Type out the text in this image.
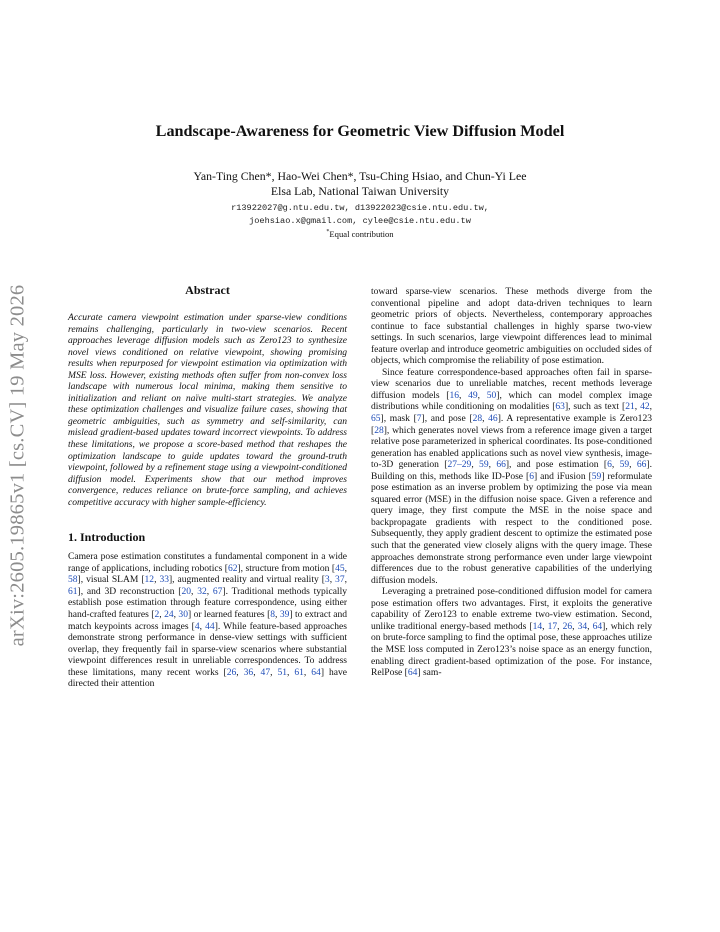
arXiv:2605.19865v1 [cs.CV] 19 May 2026
Landscape-Awareness for Geometric View Diffusion Model
Yan-Ting Chen*, Hao-Wei Chen*, Tsu-Ching Hsiao, and Chun-Yi Lee
Elsa Lab, National Taiwan University
r13922027@g.ntu.edu.tw, d13922023@csie.ntu.edu.tw,
joehsiao.x@gmail.com, cylee@csie.ntu.edu.tw
*Equal contribution
Abstract

Accurate camera viewpoint estimation under sparse-view conditions remains challenging, particularly in two-view scenarios. Recent approaches leverage diffusion models such as Zero123 to synthesize novel views conditioned on relative viewpoint, showing promising results when repurposed for viewpoint estimation via optimization with MSE loss. However, existing methods often suffer from non-convex loss landscape with numerous local minima, making them sensitive to initialization and reliant on naïve multi-start strategies. We analyze these optimization challenges and visualize failure cases, showing that geometric ambiguities, such as symmetry and self-similarity, can mislead gradient-based updates toward incorrect viewpoints. To address these limitations, we propose a score-based method that reshapes the optimization landscape to guide updates toward the ground-truth viewpoint, followed by a refinement stage using a viewpoint-conditioned diffusion model. Experiments show that our method improves convergence, reduces reliance on brute-force sampling, and achieves competitive accuracy with higher sample-efficiency.

1. Introduction

Camera pose estimation constitutes a fundamental component in a wide range of applications, including robotics [62], structure from motion [45, 58], visual SLAM [12, 33], augmented reality and virtual reality [3, 37, 61], and 3D reconstruction [20, 32, 67]. Traditional methods typically establish pose estimation through feature correspondence, using either hand-crafted features [2, 24, 30] or learned features [8, 39] to extract and match keypoints across images [4, 44]. While feature-based approaches demonstrate strong performance in dense-view settings with sufficient overlap, they frequently fail in sparse-view scenarios where substantial viewpoint differences result in unreliable correspondences. To address these limitations, many recent works [26, 36, 47, 51, 61, 64] have directed their attention

toward sparse-view scenarios. These methods diverge from the conventional pipeline and adopt data-driven techniques to learn geometric priors of objects. Nevertheless, contemporary approaches continue to face substantial challenges in highly sparse two-view settings. In such scenarios, large viewpoint differences lead to minimal feature overlap and introduce geometric ambiguities on occluded sides of objects, which compromise the reliability of pose estimation.

Since feature correspondence-based approaches often fail in sparse-view scenarios due to unreliable matches, recent methods leverage diffusion models [16, 49, 50], which can model complex image distributions while conditioning on modalities [63], such as text [21, 42, 65], mask [7], and pose [28, 46]. A representative example is Zero123 [28], which generates novel views from a reference image given a target relative pose parameterized in spherical coordinates. Its pose-conditioned generation has enabled applications such as novel view synthesis, image-to-3D generation [27–29, 59, 66], and pose estimation [6, 59, 66]. Building on this, methods like ID-Pose [6] and iFusion [59] reformulate pose estimation as an inverse problem by optimizing the pose via mean squared error (MSE) in the diffusion noise space. Given a reference and query image, they first compute the MSE in the noise space and backpropagate gradients with respect to the conditioned pose. Subsequently, they apply gradient descent to optimize the estimated pose such that the generated view closely aligns with the query image. These approaches demonstrate strong performance even under large viewpoint differences due to the robust generative capabilities of the underlying diffusion models.

Leveraging a pretrained pose-conditioned diffusion model for camera pose estimation offers two advantages. First, it exploits the generative capability of Zero123 to enable extreme two-view estimation. Second, unlike traditional energy-based methods [14, 17, 26, 34, 64], which rely on brute-force sampling to find the optimal pose, these approaches utilize the MSE loss computed in Zero123’s noise space as an energy function, enabling direct gradient-based optimization of the pose. For instance, RelPose [64] sam-
